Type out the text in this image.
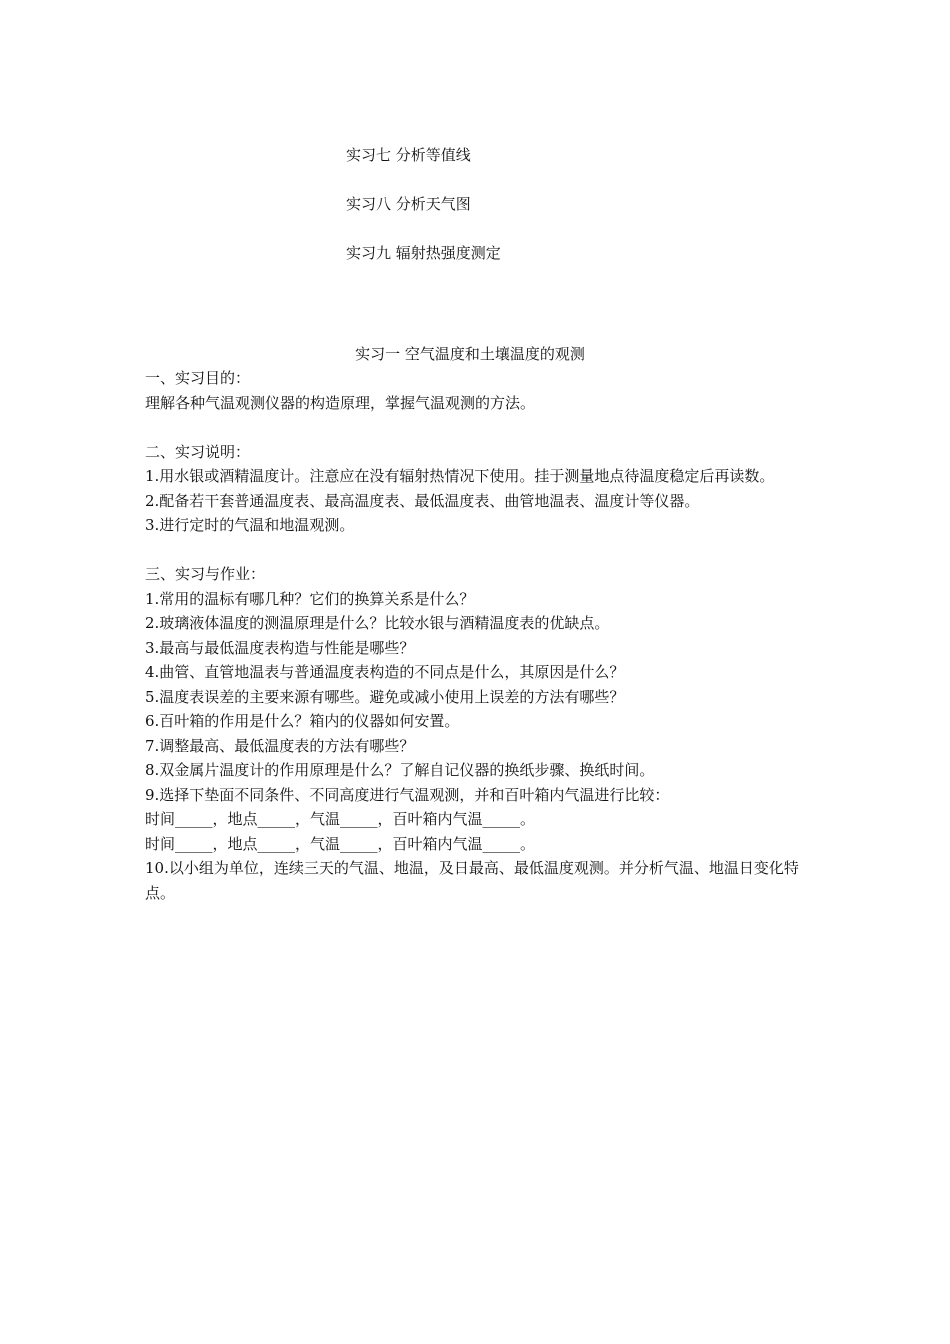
实习七 分析等值线
实习八 分析天气图
实习九 辐射热强度测定
实习一 空气温度和土壤温度的观测
一、实习目的：
理解各种气温观测仪器的构造原理，掌握气温观测的方法。
二、实习说明：
1.用水银或酒精温度计。注意应在没有辐射热情况下使用。挂于测量地点待温度稳定后再读数。
2.配备若干套普通温度表、最高温度表、最低温度表、曲管地温表、温度计等仪器。
3.进行定时的气温和地温观测。
三、实习与作业：
1.常用的温标有哪几种？它们的换算关系是什么？
2.玻璃液体温度的测温原理是什么？比较水银与酒精温度表的优缺点。
3.最高与最低温度表构造与性能是哪些？
4.曲管、直管地温表与普通温度表构造的不同点是什么，其原因是什么？
5.温度表误差的主要来源有哪些。避免或减小使用上误差的方法有哪些？
6.百叶箱的作用是什么？箱内的仪器如何安置。
7.调整最高、最低温度表的方法有哪些？
8.双金属片温度计的作用原理是什么？了解自记仪器的换纸步骤、换纸时间。
9.选择下垫面不同条件、不同高度进行气温观测，并和百叶箱内气温进行比较：
时间_____，地点_____，气温_____，百叶箱内气温_____。
时间_____，地点_____，气温_____，百叶箱内气温_____。
10.以小组为单位，连续三天的气温、地温，及日最高、最低温度观测。并分析气温、地温日变化特点。
